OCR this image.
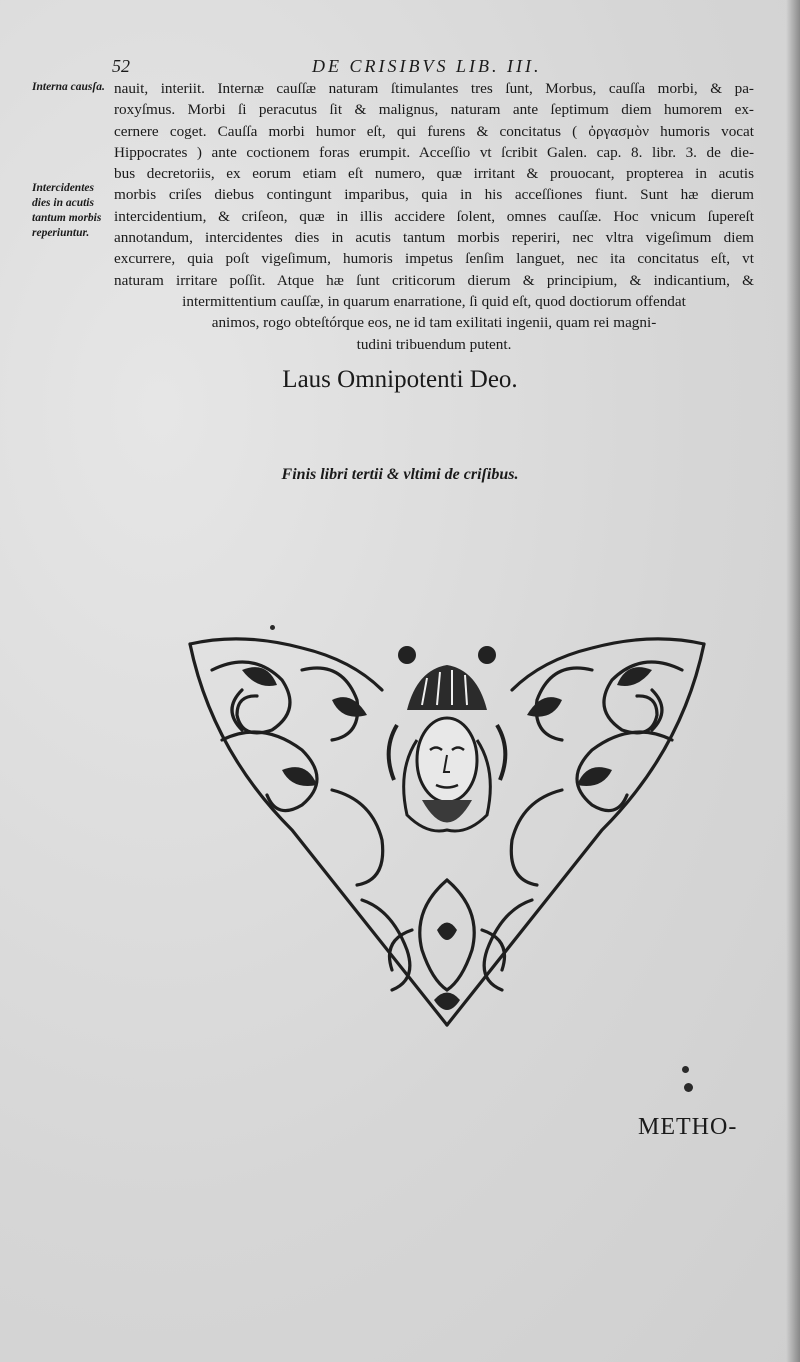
52	DE CRISIBVS LIB. III.
Interna causſa.
Intercidentes dies in acutis tantum morbis reperiuntur.
nauit, interiit. Internæ cauſſæ naturam ſtimulantes tres ſunt, Morbus, cauſſa morbi, & pa-
roxyſmus. Morbi ſi peracutus ſit & malignus, naturam ante ſeptimum diem humorem ex-
cernere coget. Cauſſa morbi humor eſt, qui furens & concitatus ( ὀργασμὸν humoris vocat
Hippocrates ) ante coctionem foras erumpit. Acceſſio vt ſcribit Galen. cap. 8. libr. 3. de die-
bus decretoriis, ex eorum etiam eſt numero, quæ irritant & prouocant, propterea in acutis
morbis criſes diebus contingunt imparibus, quia in his acceſſiones fiunt. Sunt hæ dierum
intercidentium, & criſeon, quæ in illis accidere ſolent, omnes cauſſæ. Hoc vnicum ſupereſt
annotandum, intercidentes dies in acutis tantum morbis reperiri, nec vltra vigeſimum diem
excurrere, quia poſt vigeſimum, humoris impetus ſenſim languet, nec ita concitatus eſt, vt
naturam irritare poſſit. Atque hæ ſunt criticorum dierum & principium, & indicantium, &
intermittentium cauſſæ, in quarum enarratione, ſi quid eſt, quod doctiorum offendat
animos, rogo obteſtórque eos, ne id tam exilitati ingenii, quam rei magni-
tudini tribuendum putent.
Laus Omnipotenti Deo.
Finis libri tertii & vltimi de criſibus.
METHO-
